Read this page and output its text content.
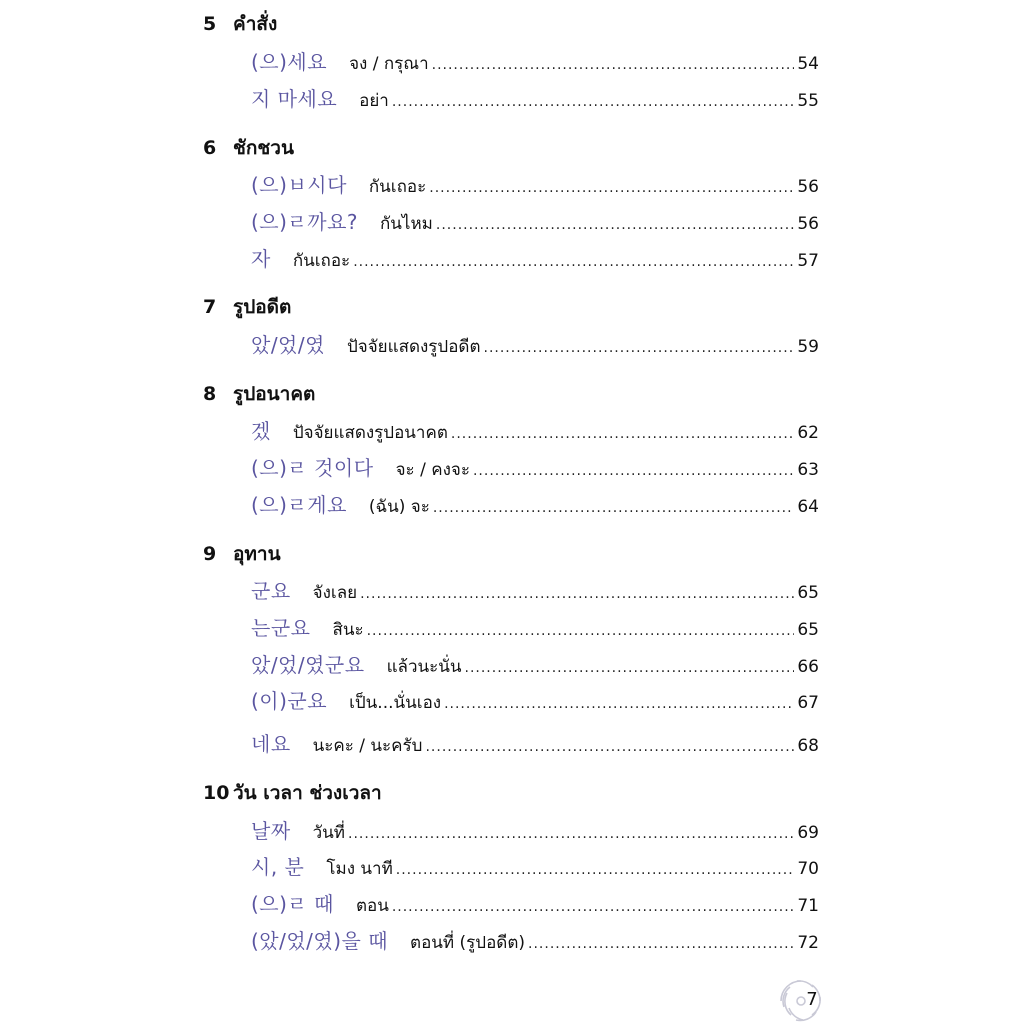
5 คำสั่ง
(으)세요 จง / กรุณา .....	54
지 마세요 อย่า .....	55
6 ชักชวน
(으)ㅂ시다 กันเถอะ .....	56
(으)ㄹ까요? กันไหม .....	56
자 กันเถอะ .....	57
7 รูปอดีต
았/었/였 ปัจจัยแสดงรูปอดีต .....	59
8 รูปอนาคต
겠 ปัจจัยแสดงรูปอนาคต .....	62
(으)ㄹ 것이다 จะ / คงจะ .....	63
(으)ㄹ게요 (ฉัน) จะ .....	64
9 อุทาน
군요 จังเลย .....	65
는군요 สินะ .....	65
았/었/였군요 แล้วนะนั่น .....	66
(이)군요 เป็น...นั่นเอง .....	67
네요 นะคะ / นะครับ .....	68
10 วัน เวลา ช่วงเวลา
날짜 วันที่ .....	69
시, 분 โมง นาที .....	70
(으)ㄹ 때 ตอน .....	71
(았/었/였)을 때 ตอนที่ (รูปอดีต) .....	72
7
